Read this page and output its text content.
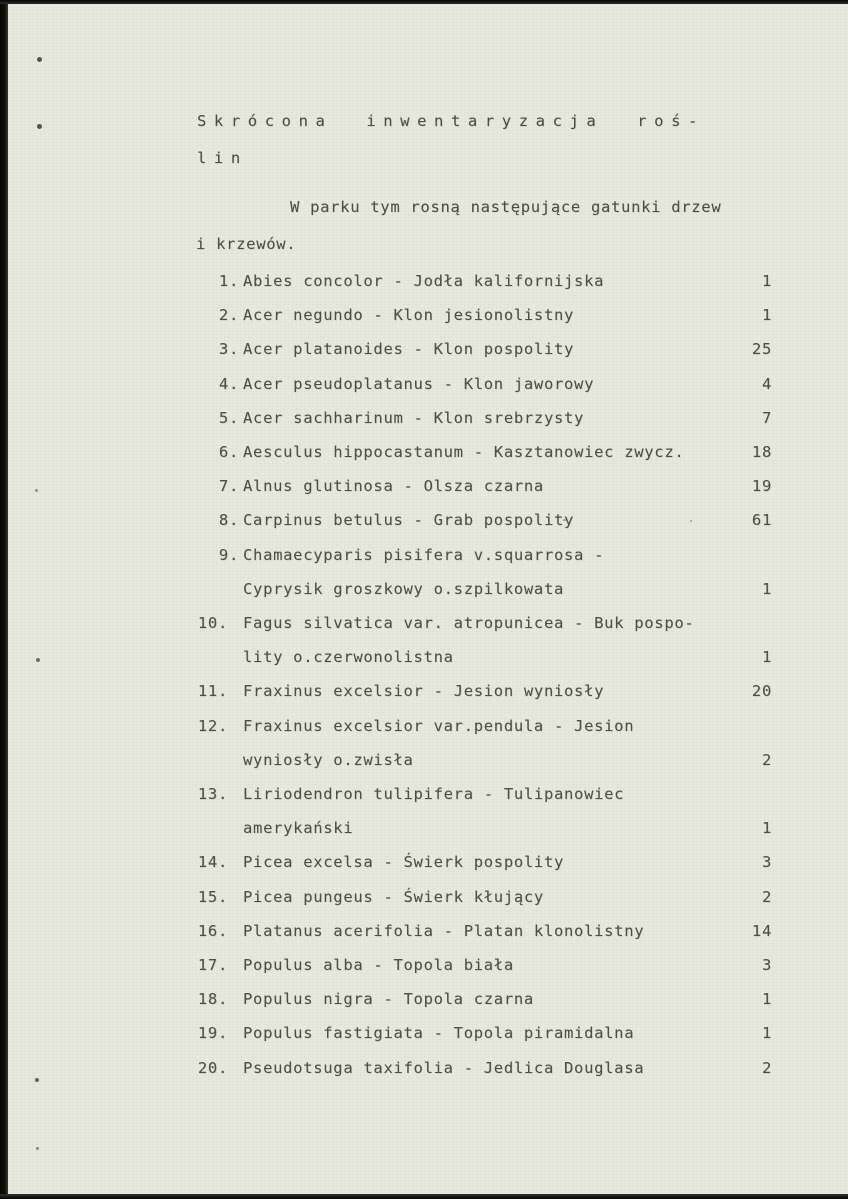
Skrócona  inwentaryzacja  roś-
lin
W parku tym rosną następujące gatunki drzew
i krzewów.
1. Abies concolor - Jodła kalifornijska	1
2. Acer negundo - Klon jesionolistny	1
3. Acer platanoides - Klon pospolity	25
4. Acer pseudoplatanus - Klon jaworowy	4
5. Acer sachharinum - Klon srebrzysty	7
6. Aesculus hippocastanum - Kasztanowiec zwycz.	18
7. Alnus glutinosa - Olsza czarna	19
8. Carpinus betulus - Grab pospolity	61
9. Chamaecyparis pisifera v.squarrosa -
Cyprysik groszkowy o.szpilkowata	1
10. Fagus silvatica var. atropunicea - Buk pospo-
lity o.czerwonolistna	1
11. Fraxinus excelsior - Jesion wyniosły	20
12. Fraxinus excelsior var.pendula - Jesion
wyniosły o.zwisła	2
13. Liriodendron tulipifera - Tulipanowiec
amerykański	1
14. Picea excelsa - Świerk pospolity	3
15. Picea pungeus - Świerk kłujący	2
16. Platanus acerifolia - Platan klonolistny	14
17. Populus alba - Topola biała	3
18. Populus nigra - Topola czarna	1
19. Populus fastigiata - Topola piramidalna	1
20. Pseudotsuga taxifolia - Jedlica Douglasa	2
